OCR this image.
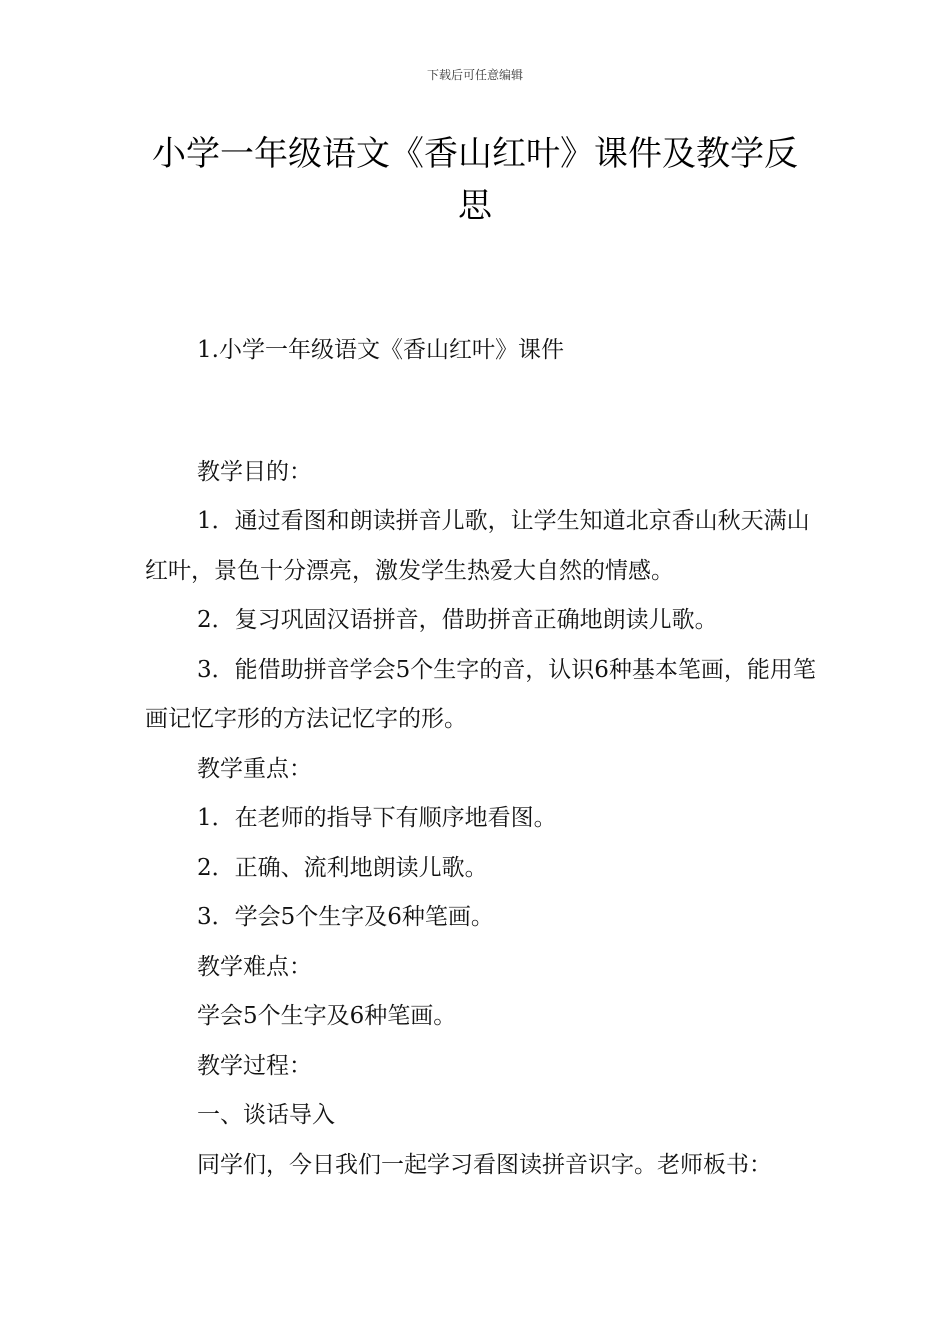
下载后可任意编辑
小学一年级语文《香山红叶》课件及教学反思

1.小学一年级语文《香山红叶》课件

教学目的：

1．通过看图和朗读拼音儿歌，让学生知道北京香山秋天满山红叶，景色十分漂亮，激发学生热爱大自然的情感。

2．复习巩固汉语拼音，借助拼音正确地朗读儿歌。

3．能借助拼音学会5个生字的音，认识6种基本笔画，能用笔画记忆字形的方法记忆字的形。

教学重点：

1．在老师的指导下有顺序地看图。

2．正确、流利地朗读儿歌。

3．学会5个生字及6种笔画。

教学难点：

学会5个生字及6种笔画。

教学过程：

一、谈话导入

同学们，今日我们一起学习看图读拼音识字。老师板书：
